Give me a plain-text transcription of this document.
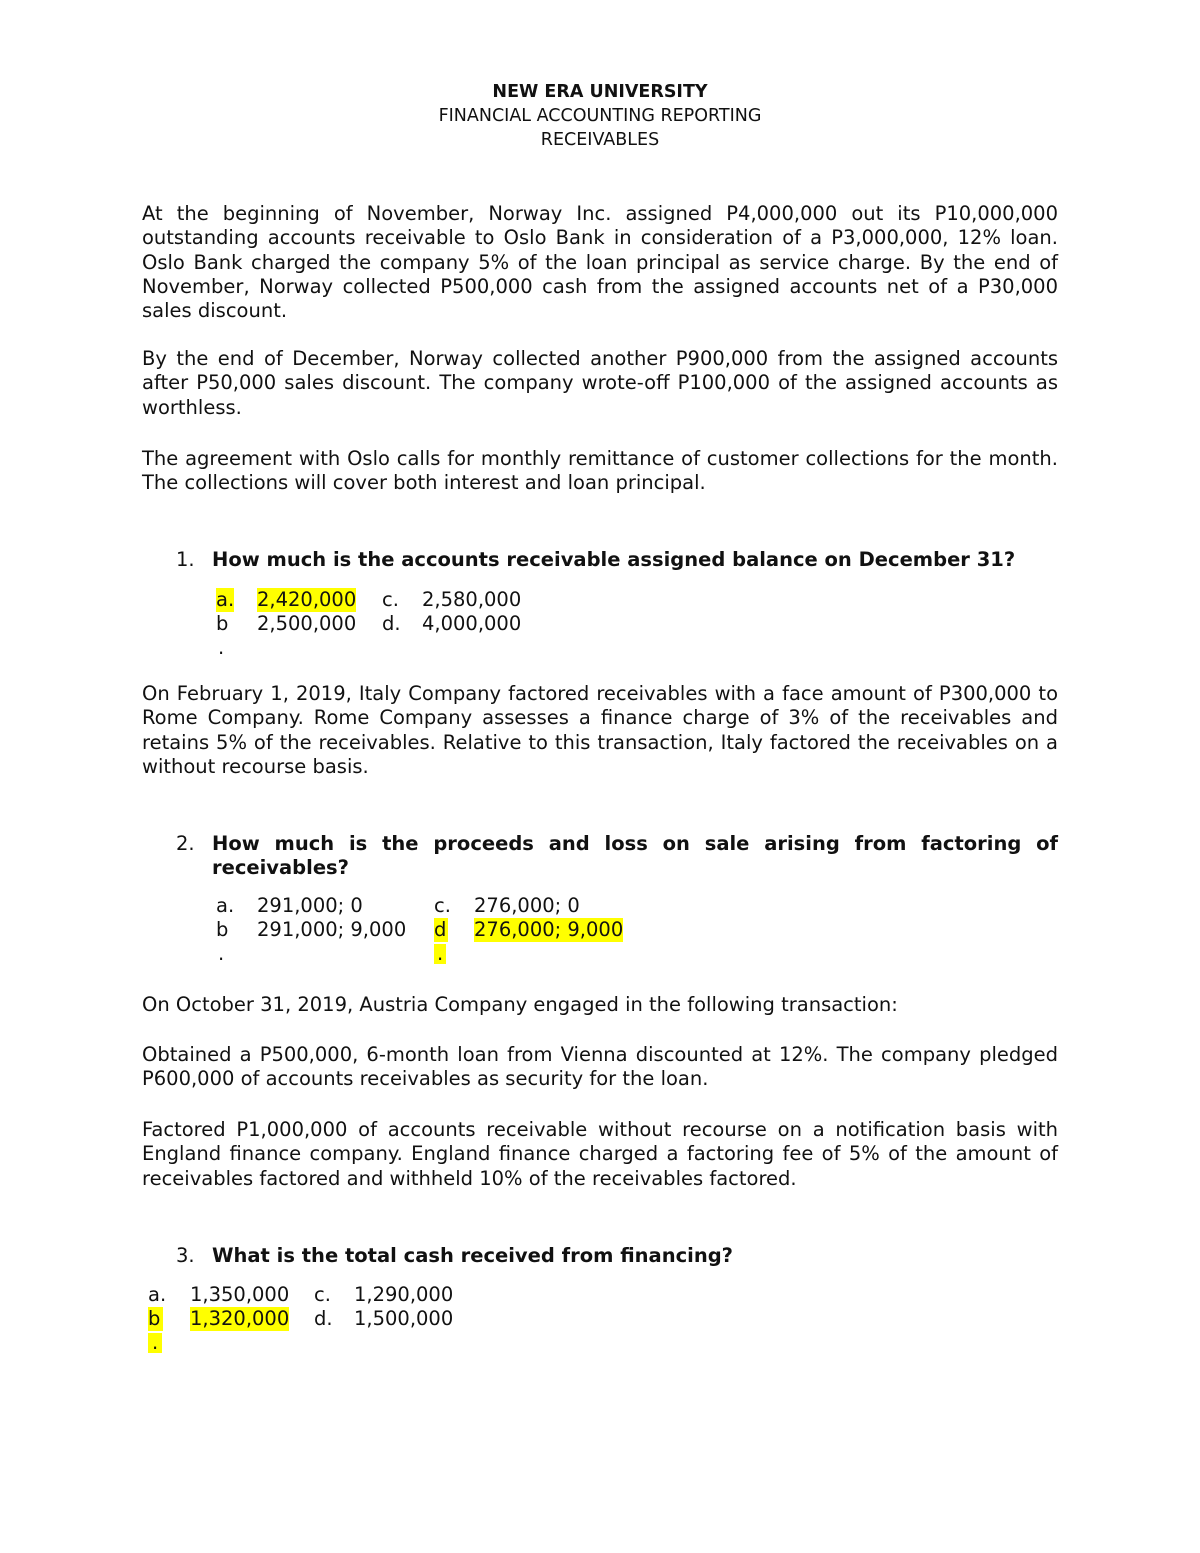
NEW ERA UNIVERSITY
FINANCIAL ACCOUNTING REPORTING
RECEIVABLES

At the beginning of November, Norway Inc. assigned P4,000,000 out its P10,000,000 outstanding accounts receivable to Oslo Bank in consideration of a P3,000,000, 12% loan. Oslo Bank charged the company 5% of the loan principal as service charge. By the end of November, Norway collected P500,000 cash from the assigned accounts net of a P30,000 sales discount.

By the end of December, Norway collected another P900,000 from the assigned accounts after P50,000 sales discount. The company wrote-off P100,000 of the assigned accounts as worthless.

The agreement with Oslo calls for monthly remittance of customer collections for the month. The collections will cover both interest and loan principal.

1. How much is the accounts receivable assigned balance on December 31?

a. 2,420,000 c. 2,580,000
b 2,500,000 d. 4,000,000
.

On February 1, 2019, Italy Company factored receivables with a face amount of P300,000 to Rome Company. Rome Company assesses a finance charge of 3% of the receivables and retains 5% of the receivables. Relative to this transaction, Italy factored the receivables on a without recourse basis.

2. How much is the proceeds and loss on sale arising from factoring of
receivables?

a. 291,000; 0	c. 276,000; 0
b 291,000; 9,000 d 276,000; 9,000
.	.

On October 31, 2019, Austria Company engaged in the following transaction:

Obtained a P500,000, 6-month loan from Vienna discounted at 12%. The company pledged P600,000 of accounts receivables as security for the loan.

Factored P1,000,000 of accounts receivable without recourse on a notification basis with England finance company. England finance charged a factoring fee of 5% of the amount of receivables factored and withheld 10% of the receivables factored.

3. What is the total cash received from financing?

a. 1,350,000 c. 1,290,000
b 1,320,000 d. 1,500,000
.
